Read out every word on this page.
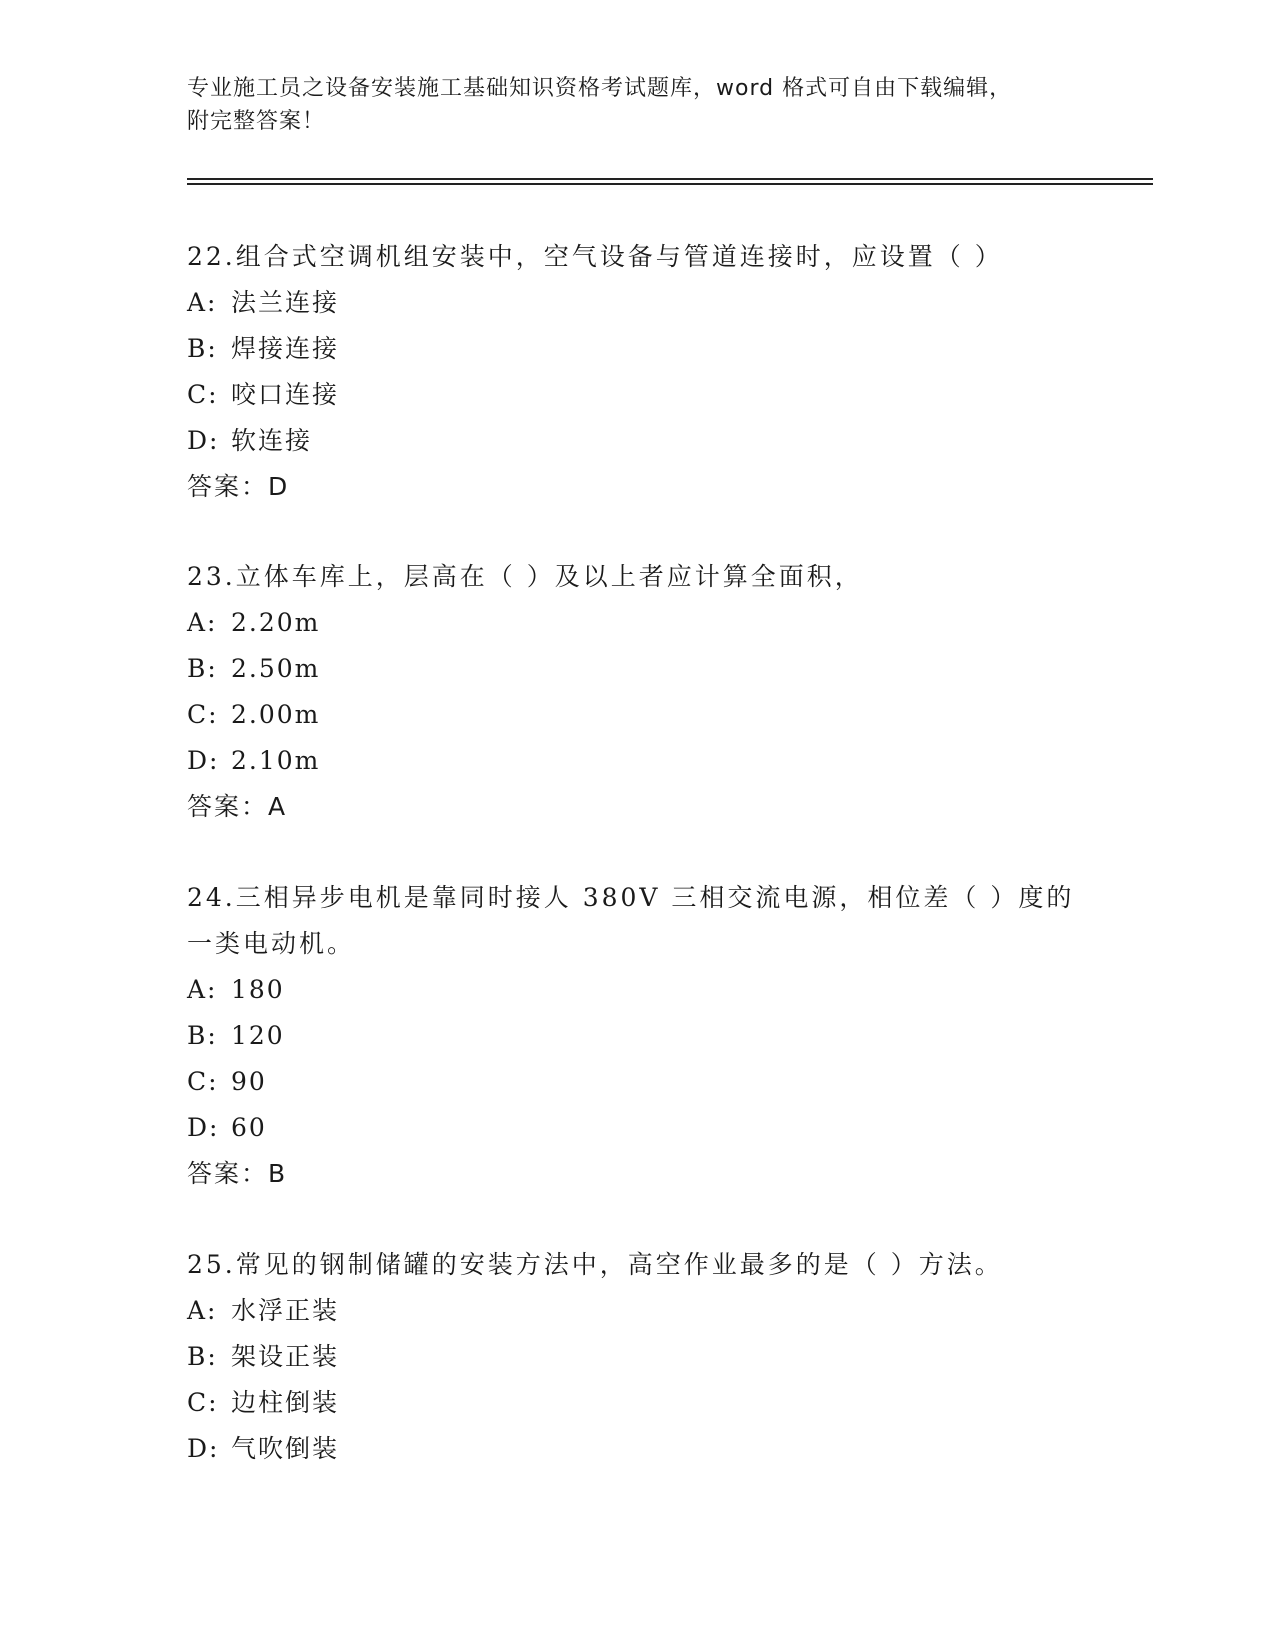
专业施工员之设备安装施工基础知识资格考试题库，word 格式可自由下载编辑，
附完整答案！

22.组合式空调机组安装中，空气设备与管道连接时，应设置（ ）

A: 法兰连接

B: 焊接连接

C: 咬口连接

D: 软连接

答案：D

23.立体车库上，层高在（ ）及以上者应计算全面积，

A: 2.20m

B: 2.50m

C: 2.00m

D: 2.10m

答案：A

24.三相异步电机是靠同时接人 380V 三相交流电源，相位差（ ）度的一类电动机。

A: 180

B: 120

C: 90

D: 60

答案：B

25.常见的钢制储罐的安装方法中，高空作业最多的是（ ）方法。

A: 水浮正装

B: 架设正装

C: 边柱倒装

D: 气吹倒装
